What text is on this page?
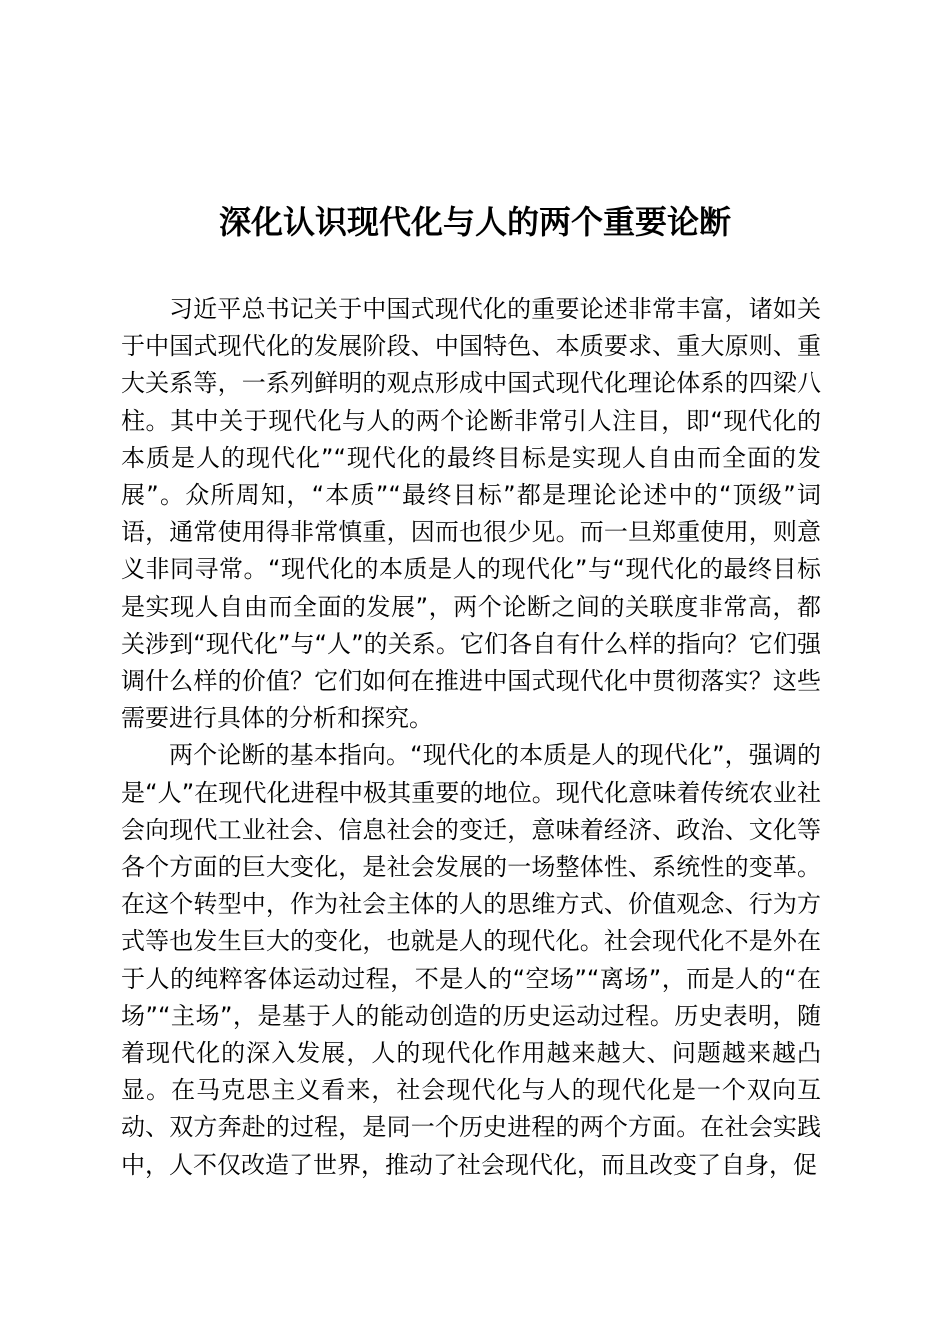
深化认识现代化与人的两个重要论断

习近平总书记关于中国式现代化的重要论述非常丰富，诸如关于中国式现代化的发展阶段、中国特色、本质要求、重大原则、重大关系等，一系列鲜明的观点形成中国式现代化理论体系的四梁八柱。其中关于现代化与人的两个论断非常引人注目，即“现代化的本质是人的现代化”“现代化的最终目标是实现人自由而全面的发展”。众所周知，“本质”“最终目标”都是理论论述中的“顶级”词语，通常使用得非常慎重，因而也很少见。而一旦郑重使用，则意义非同寻常。“现代化的本质是人的现代化”与“现代化的最终目标是实现人自由而全面的发展”，两个论断之间的关联度非常高，都关涉到“现代化”与“人”的关系。它们各自有什么样的指向？它们强调什么样的价值？它们如何在推进中国式现代化中贯彻落实？这些需要进行具体的分析和探究。

两个论断的基本指向。“现代化的本质是人的现代化”，强调的是“人”在现代化进程中极其重要的地位。现代化意味着传统农业社会向现代工业社会、信息社会的变迁，意味着经济、政治、文化等各个方面的巨大变化，是社会发展的一场整体性、系统性的变革。在这个转型中，作为社会主体的人的思维方式、价值观念、行为方式等也发生巨大的变化，也就是人的现代化。社会现代化不是外在于人的纯粹客体运动过程，不是人的“空场”“离场”，而是人的“在场”“主场”，是基于人的能动创造的历史运动过程。历史表明，随着现代化的深入发展，人的现代化作用越来越大、问题越来越凸显。在马克思主义看来，社会现代化与人的现代化是一个双向互动、双方奔赴的过程，是同一个历史进程的两个方面。在社会实践中，人不仅改造了世界，推动了社会现代化，而且改变了自身，促
